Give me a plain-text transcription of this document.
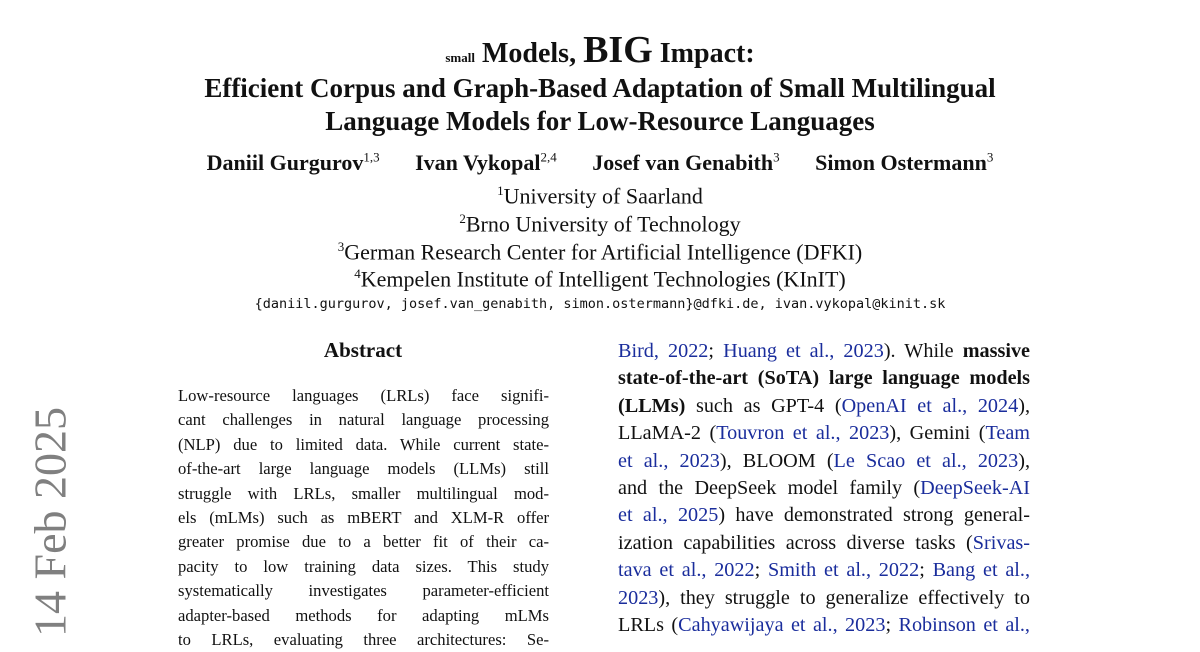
small Models, BIG Impact:
Efficient Corpus and Graph-Based Adaptation of Small Multilingual
Language Models for Low-Resource Languages
Daniil Gurgurov$^{1,3}$ Ivan Vykopal$^{2,4}$ Josef van Genabith$^3$ Simon Ostermann$^3$
$^1$University of Saarland
$^2$Brno University of Technology
$^3$German Research Center for Artificial Intelligence (DFKI)
$^4$Kempelen Institute of Intelligent Technologies (KInIT)
{daniil.gurgurov, josef.van_genabith, simon.ostermann}@dfki.de, ivan.vykopal@kinit.sk
Abstract
Low-resource languages (LRLs) face signifi-
cant challenges in natural language processing
(NLP) due to limited data. While current state-
of-the-art large language models (LLMs) still
struggle with LRLs, smaller multilingual mod-
els (mLMs) such as mBERT and XLM-R offer
greater promise due to a better fit of their ca-
pacity to low training data sizes. This study
systematically investigates parameter-efficient
adapter-based methods for adapting mLMs
to LRLs, evaluating three architectures: Se-
Bird, 2022; Huang et al., 2023). While massive
state-of-the-art (SoTA) large language models
(LLMs) such as GPT-4 (OpenAI et al., 2024),
LLaMA-2 (Touvron et al., 2023), Gemini (Team
et al., 2023), BLOOM (Le Scao et al., 2023),
and the DeepSeek model family (DeepSeek-AI
et al., 2025) have demonstrated strong general-
ization capabilities across diverse tasks (Srivas-
tava et al., 2022; Smith et al., 2022; Bang et al.,
2023), they struggle to generalize effectively to
LRLs (Cahyawijaya et al., 2023; Robinson et al.,
14 Feb 2025
